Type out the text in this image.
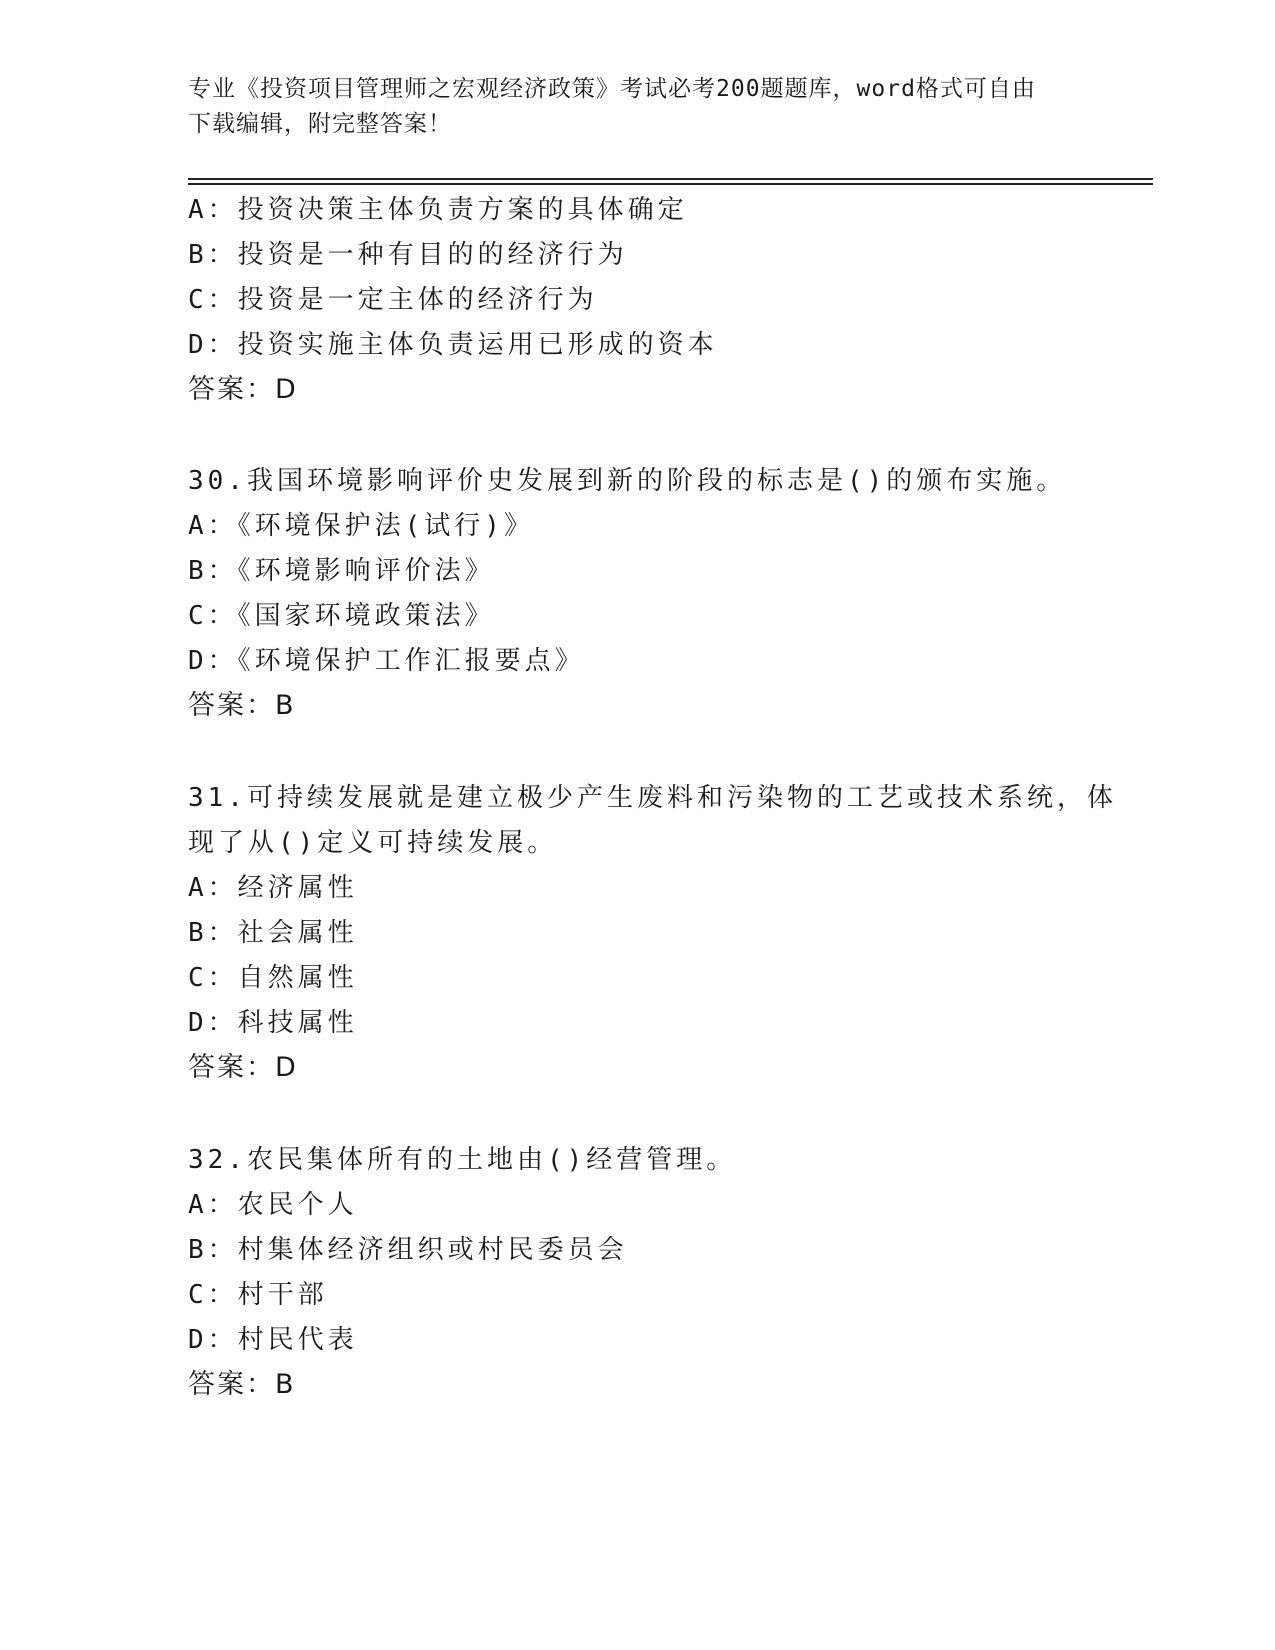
专业《投资项目管理师之宏观经济政策》考试必考200题题库，word格式可自由
下载编辑，附完整答案！
A：投资决策主体负责方案的具体确定
B：投资是一种有目的的经济行为
C：投资是一定主体的经济行为
D：投资实施主体负责运用已形成的资本
答案：D
30.我国环境影响评价史发展到新的阶段的标志是()的颁布实施。
A：《环境保护法(试行)》
B：《环境影响评价法》
C：《国家环境政策法》
D：《环境保护工作汇报要点》
答案：B
31.可持续发展就是建立极少产生废料和污染物的工艺或技术系统，体
现了从()定义可持续发展。
A：经济属性
B：社会属性
C：自然属性
D：科技属性
答案：D
32.农民集体所有的土地由()经营管理。
A：农民个人
B：村集体经济组织或村民委员会
C：村干部
D：村民代表
答案：B
